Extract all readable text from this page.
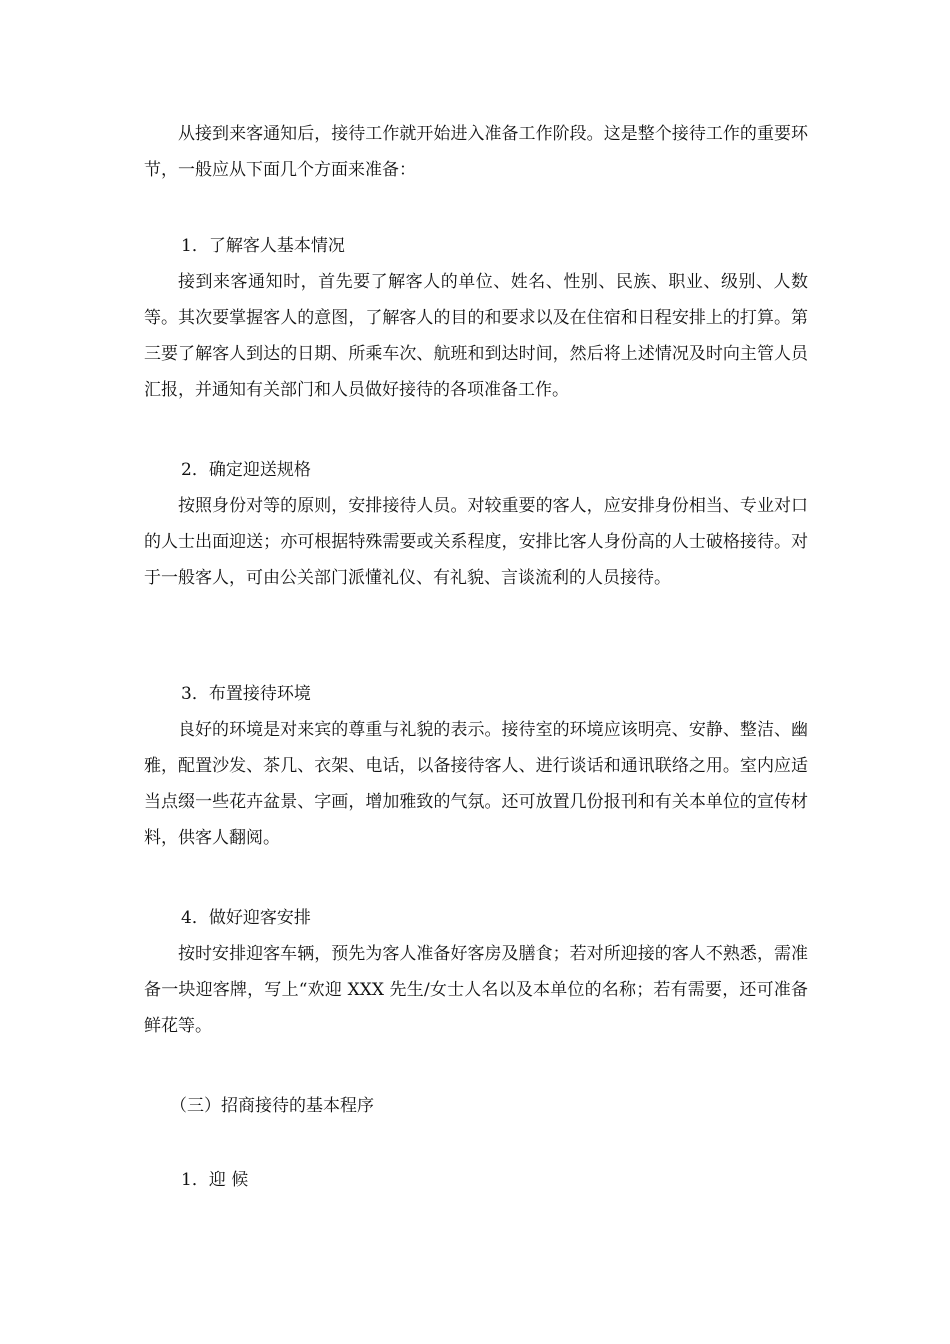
从接到来客通知后，接待工作就开始进入准备工作阶段。这是整个接待工作的重要环节，一般应从下面几个方面来准备：

1．了解客人基本情况

接到来客通知时，首先要了解客人的单位、姓名、性别、民族、职业、级别、人数等。其次要掌握客人的意图，了解客人的目的和要求以及在住宿和日程安排上的打算。第三要了解客人到达的日期、所乘车次、航班和到达时间，然后将上述情况及时向主管人员汇报，并通知有关部门和人员做好接待的各项准备工作。

2．确定迎送规格

按照身份对等的原则，安排接待人员。对较重要的客人，应安排身份相当、专业对口的人士出面迎送；亦可根据特殊需要或关系程度，安排比客人身份高的人士破格接待。对于一般客人，可由公关部门派懂礼仪、有礼貌、言谈流利的人员接待。

3．布置接待环境

良好的环境是对来宾的尊重与礼貌的表示。接待室的环境应该明亮、安静、整洁、幽雅，配置沙发、茶几、衣架、电话，以备接待客人、进行谈话和通讯联络之用。室内应适当点缀一些花卉盆景、字画，增加雅致的气氛。还可放置几份报刊和有关本单位的宣传材料，供客人翻阅。

4．做好迎客安排

按时安排迎客车辆，预先为客人准备好客房及膳食；若对所迎接的客人不熟悉，需准备一块迎客牌，写上“欢迎 XXX 先生/女士人名以及本单位的名称；若有需要，还可准备鲜花等。

（三）招商接待的基本程序

1．迎 候
